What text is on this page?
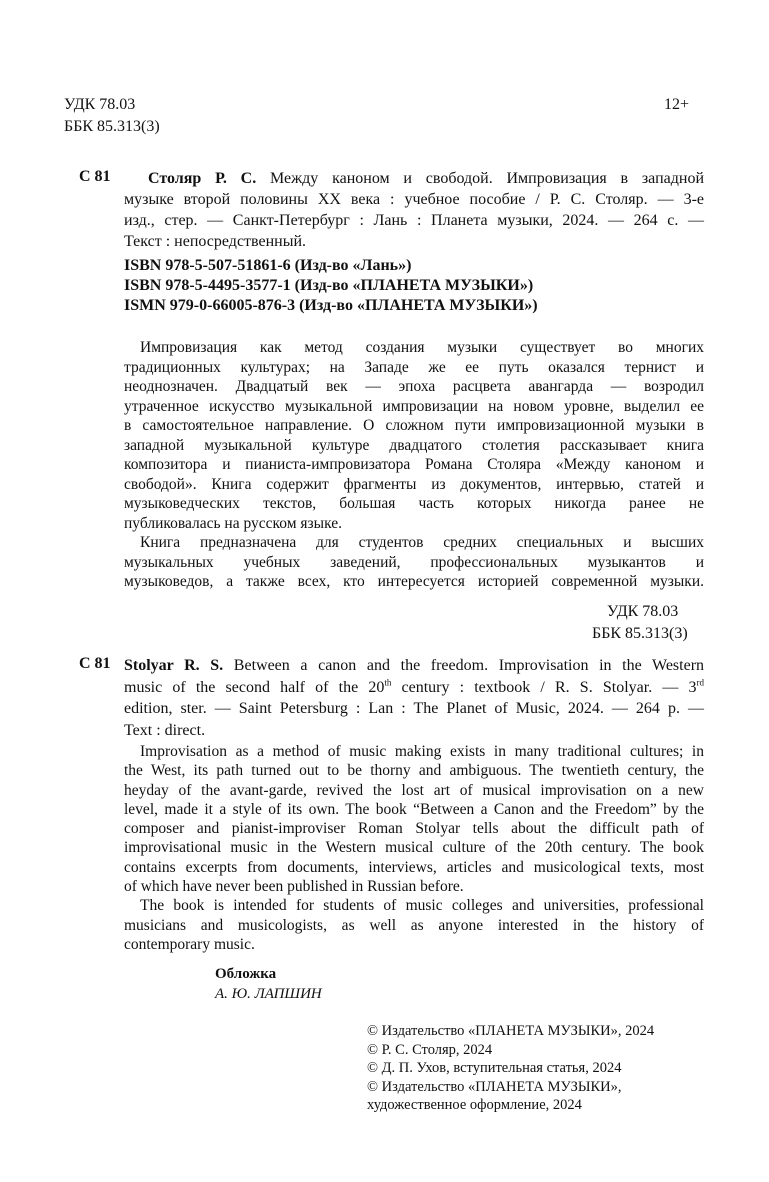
УДК 78.03
ББК 85.313(3)
12+
С 81	Столяр Р. С. Между каноном и свободой. Импровизация в западной
музыке второй половины XX века : учебное пособие / Р. С. Столяр. — 3-е
изд., стер. — Санкт-Петербург : Лань : Планета музыки, 2024. — 264 с. —
Текст : непосредственный.
ISBN 978-5-507-51861-6 (Изд-во «Лань»)
ISBN 978-5-4495-3577-1 (Изд-во «ПЛАНЕТА МУЗЫКИ»)
ISMN 979-0-66005-876-3 (Изд-во «ПЛАНЕТА МУЗЫКИ»)
Импровизация как метод создания музыки существует во многих
традиционных культурах; на Западе же ее путь оказался тернист и
неоднозначен. Двадцатый век — эпоха расцвета авангарда — возродил
утраченное искусство музыкальной импровизации на новом уровне, выделил ее
в самостоятельное направление. О сложном пути импровизационной музыки в
западной музыкальной культуре двадцатого столетия рассказывает книга
композитора и пианиста-импровизатора Романа Столяра «Между каноном и
свободой». Книга содержит фрагменты из документов, интервью, статей и
музыковедческих текстов, большая часть которых никогда ранее не
публиковалась на русском языке.
Книга предназначена для студентов средних специальных и высших
музыкальных учебных заведений, профессиональных музыкантов и
музыковедов, а также всех, кто интересуется историей современной музыки.
УДК 78.03
ББК 85.313(3)
С 81 Stolyar R. S. Between a canon and the freedom. Improvisation in the Western
music of the second half of the 20th century : textbook / R. S. Stolyar. — 3rd
edition, ster. — Saint Petersburg : Lan : The Planet of Music, 2024. — 264 p. —
Text : direct.
Improvisation as a method of music making exists in many traditional cultures; in
the West, its path turned out to be thorny and ambiguous. The twentieth century, the
heyday of the avant-garde, revived the lost art of musical improvisation on a new
level, made it a style of its own. The book “Between a Canon and the Freedom” by the
composer and pianist-improviser Roman Stolyar tells about the difficult path of
improvisational music in the Western musical culture of the 20th century. The book
contains excerpts from documents, interviews, articles and musicological texts, most
of which have never been published in Russian before.
The book is intended for students of music colleges and universities, professional
musicians and musicologists, as well as anyone interested in the history of
contemporary music.
Обложка
А. Ю. ЛАПШИН
© Издательство «ПЛАНЕТА МУЗЫКИ», 2024
© Р. С. Столяр, 2024
© Д. П. Ухов, вступительная статья, 2024
© Издательство «ПЛАНЕТА МУЗЫКИ»,
художественное оформление, 2024
